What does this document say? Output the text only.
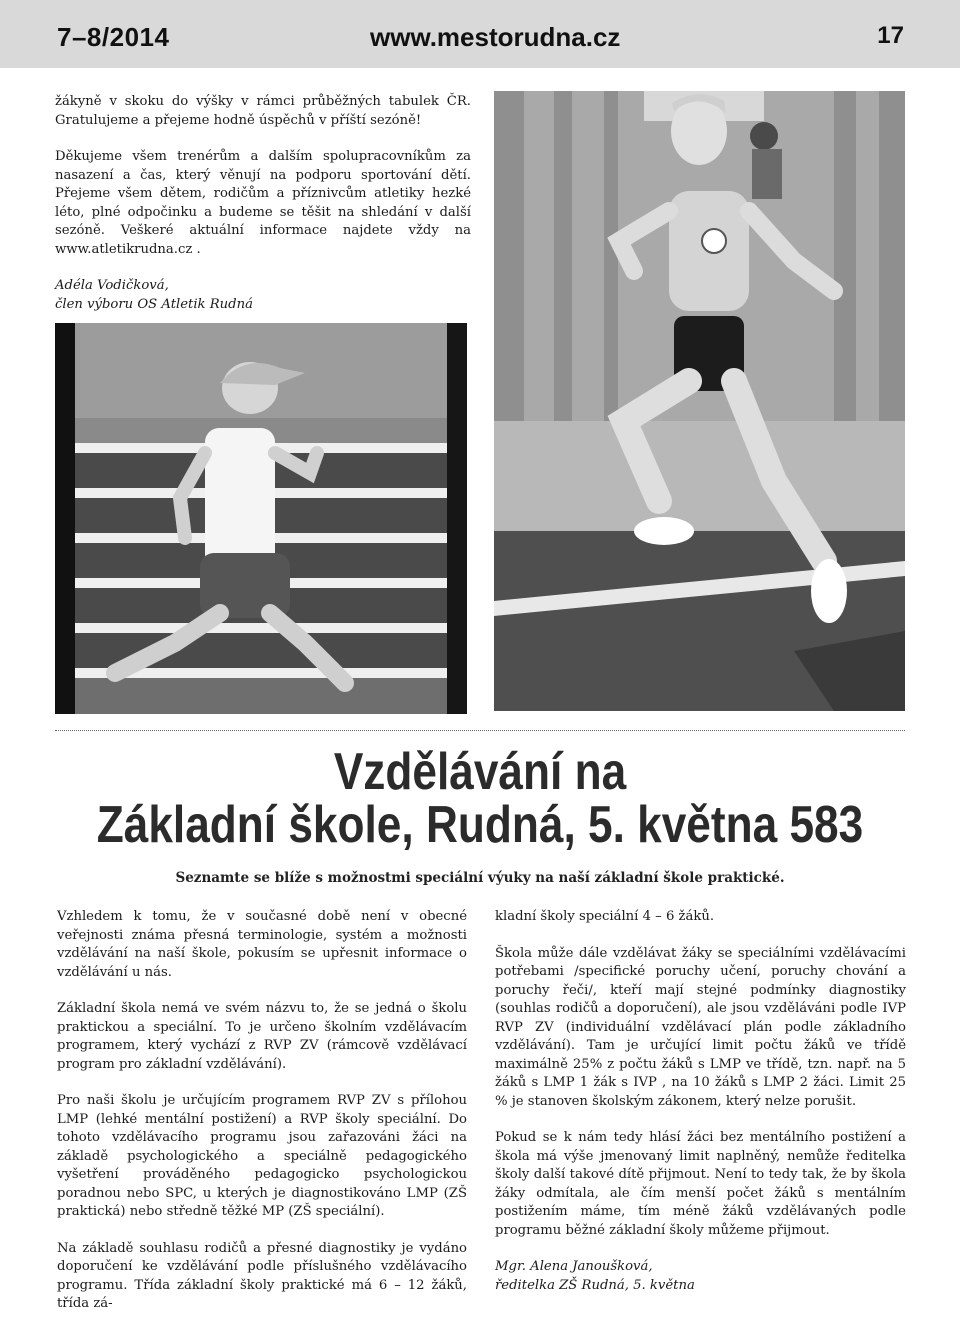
7–8/2014	www.mestorudna.cz	17

žákyně v skoku do výšky v rámci průběžných tabulek ČR. Gratulujeme a přejeme hodně úspěchů v příští sezóně!

Děkujeme všem trenérům a dalším spolupracovníkům za nasazení a čas, který věnují na podporu sportování dětí. Přejeme všem dětem, rodičům a příznivcům atletiky hezké léto, plné odpočinku a budeme se těšit na shledání v další sezóně. Veškeré aktuální informace najdete vždy na www.atletikrudna.cz .

Adéla Vodičková,
člen výboru OS Atletik Rudná
Vzdělávání na
Základní škole, Rudná, 5. května 583
Seznamte se blíže s možnostmi speciální výuky na naší základní škole praktické.

Vzhledem k tomu, že v současné době není v obecné veřejnosti známa přesná terminologie, systém a možnosti vzdělávání na naší škole, pokusím se upřesnit informace o vzdělávání u nás.

Základní škola nemá ve svém názvu to, že se jedná o školu praktickou a speciální. To je určeno školním vzdělávacím programem, který vychází z RVP ZV (rámcově vzdělávací program pro základní vzdělávání).

Pro naši školu je určujícím programem RVP ZV s přílohou LMP (lehké mentální postižení) a RVP školy speciální. Do tohoto vzdělávacího programu jsou zařazováni žáci na základě psychologického a speciálně pedagogického vyšetření prováděného pedagogicko psychologickou poradnou nebo SPC, u kterých je diagnostikováno LMP (ZŠ praktická) nebo středně těžké MP (ZŠ speciální).

Na základě souhlasu rodičů a přesné diagnostiky je vydáno doporučení ke vzdělávání podle příslušného vzdělávacího programu. Třída základní školy praktické má 6 – 12 žáků, třída zá-

kladní školy speciální 4 – 6 žáků.

Škola může dále vzdělávat žáky se speciálními vzdělávacími potřebami /specifické poruchy učení, poruchy chování a poruchy řeči/, kteří mají stejné podmínky diagnostiky (souhlas rodičů a doporučení), ale jsou vzděláváni podle IVP RVP ZV (individuální vzdělávací plán podle základního vzdělávání). Tam je určující limit počtu žáků ve třídě maximálně 25% z počtu žáků s LMP ve třídě, tzn. např. na 5 žáků s LMP 1 žák s IVP , na 10 žáků s LMP 2 žáci. Limit 25 % je stanoven školským zákonem, který nelze porušit.

Pokud se k nám tedy hlásí žáci bez mentálního postižení a škola má výše jmenovaný limit naplněný, nemůže ředitelka školy další takové dítě přijmout. Není to tedy tak, že by škola žáky odmítala, ale čím menší počet žáků s mentálním postižením máme, tím méně žáků vzdělávaných podle programu běžné základní školy můžeme přijmout.

Mgr. Alena Janoušková,
ředitelka ZŠ Rudná, 5. května
